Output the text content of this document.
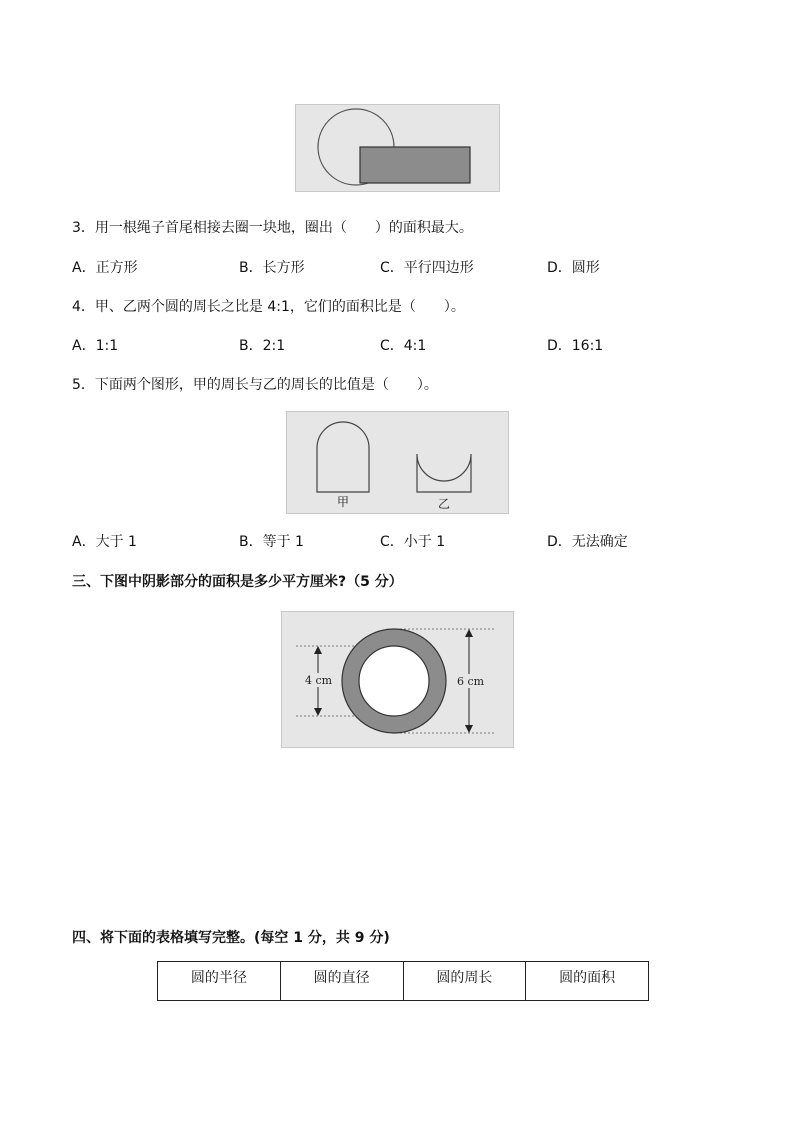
3．用一根绳子首尾相接去圈一块地，圈出（　　）的面积最大。
A．正方形	B．长方形	C．平行四边形	D．圆形
4．甲、乙两个圆的周长之比是 4:1，它们的面积比是（　　）。
A．1:1	B．2:1	C．4:1	D．16:1
5．下面两个图形，甲的周长与乙的周长的比值是（　　）。
甲	乙
A．大于 1	B．等于 1	C．小于 1	D．无法确定
三、下图中阴影部分的面积是多少平方厘米?（5 分）
4 cm	6 cm
四、将下面的表格填写完整。(每空 1 分，共 9 分)
圆的半径	圆的直径	圆的周长	圆的面积
